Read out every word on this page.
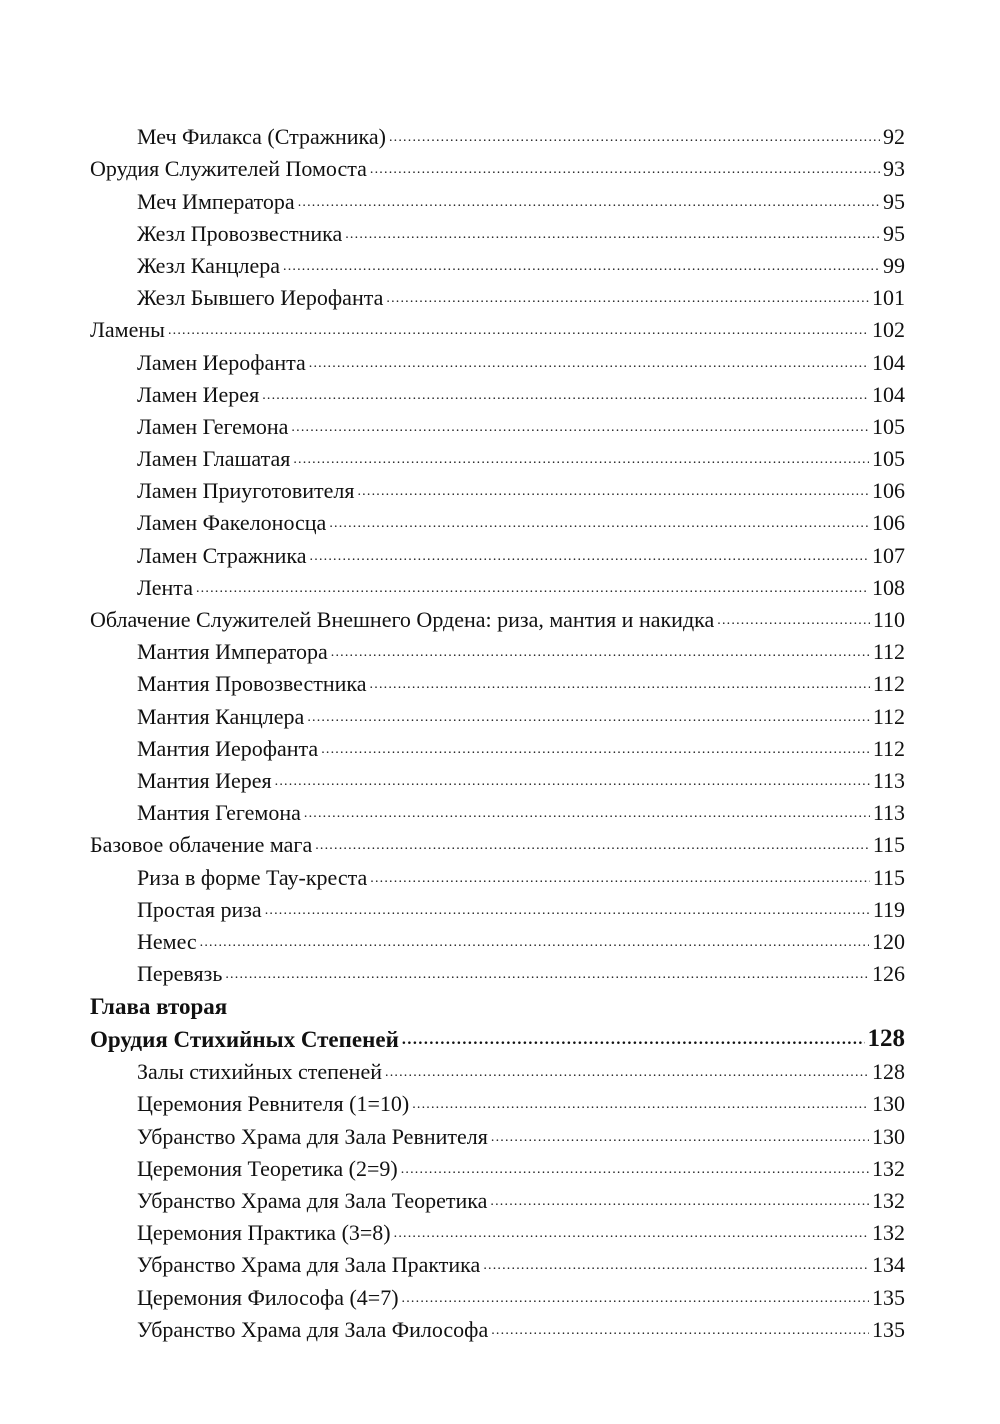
Меч Филакса (Стражника) .....	92
Орудия Служителей Помоста .....	93
Меч Императора .....	95
Жезл Провозвестника .....	95
Жезл Канцлера .....	99
Жезл Бывшего Иерофанта .....	101
Ламены .....	102
Ламен Иерофанта .....	104
Ламен Иерея .....	104
Ламен Гегемона .....	105
Ламен Глашатая .....	105
Ламен Приуготовителя .....	106
Ламен Факелоносца .....	106
Ламен Стражника .....	107
Лента .....	108
Облачение Служителей Внешнего Ордена: риза, мантия и накидка .....	110
Мантия Императора .....	112
Мантия Провозвестника .....	112
Мантия Канцлера .....	112
Мантия Иерофанта .....	112
Мантия Иерея .....	113
Мантия Гегемона .....	113
Базовое облачение мага .....	115
Риза в форме Тау-креста .....	115
Простая риза .....	119
Немес .....	120
Перевязь .....	126
Глава вторая
Орудия Стихийных Степеней .....	128
Залы стихийных степеней .....	128
Церемония Ревнителя (1=10) .....	130
Убранство Храма для Зала Ревнителя .....	130
Церемония Теоретика (2=9) .....	132
Убранство Храма для Зала Теоретика .....	132
Церемония Практика (3=8) .....	132
Убранство Храма для Зала Практика .....	134
Церемония Философа (4=7) .....	135
Убранство Храма для Зала Философа .....	135
